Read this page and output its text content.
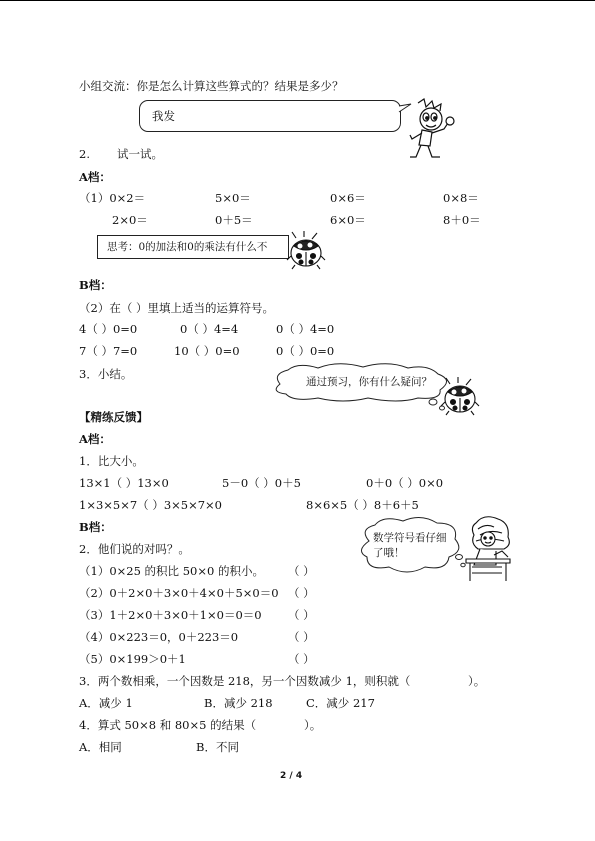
小组交流：你是怎么计算这些算式的？结果是多少？
我发
2. 试一试。
A档：
（1）0×2＝	5×0＝	0×6＝	0×8＝
2×0＝	0＋5＝	6×0＝	8＋0＝
思考：0的加法和0的乘法有什么不
B档：
（2）在（ ）里填上适当的运算符号。
4（ ）0=0	0（ ）4=4	0（ ）4=0
7（ ）7=0	10（ ）0=0	0（ ）0=0
3．小结。
通过预习，你有什么疑问？
【精练反馈】
A档：
1．比大小。
13×1（ ）13×0	5－0（ ）0＋5	0＋0（ ）0×0
1×3×5×7（ ）3×5×7×0	8×6×5（ ）8＋6＋5
B档：
2．他们说的对吗？。
（1）0×25 的积比 50×0 的积小。 （ ）
（2）0＋2×0＋3×0＋4×0＋5×0＝0 （ ）
（3）1＋2×0＋3×0＋1×0＝0＝0 （ ）
（4）0×223＝0，0＋223＝0	（ ）
（5）0×199＞0＋1	（ ）
数学符号看仔细了哦！
3．两个数相乘，一个因数是 218，另一个因数减少 1，则积就（	）。
A．减少 1	B．减少 218	C．减少 217
4．算式 50×8 和 80×5 的结果（	）。
A．相同	B．不同
2 / 4
